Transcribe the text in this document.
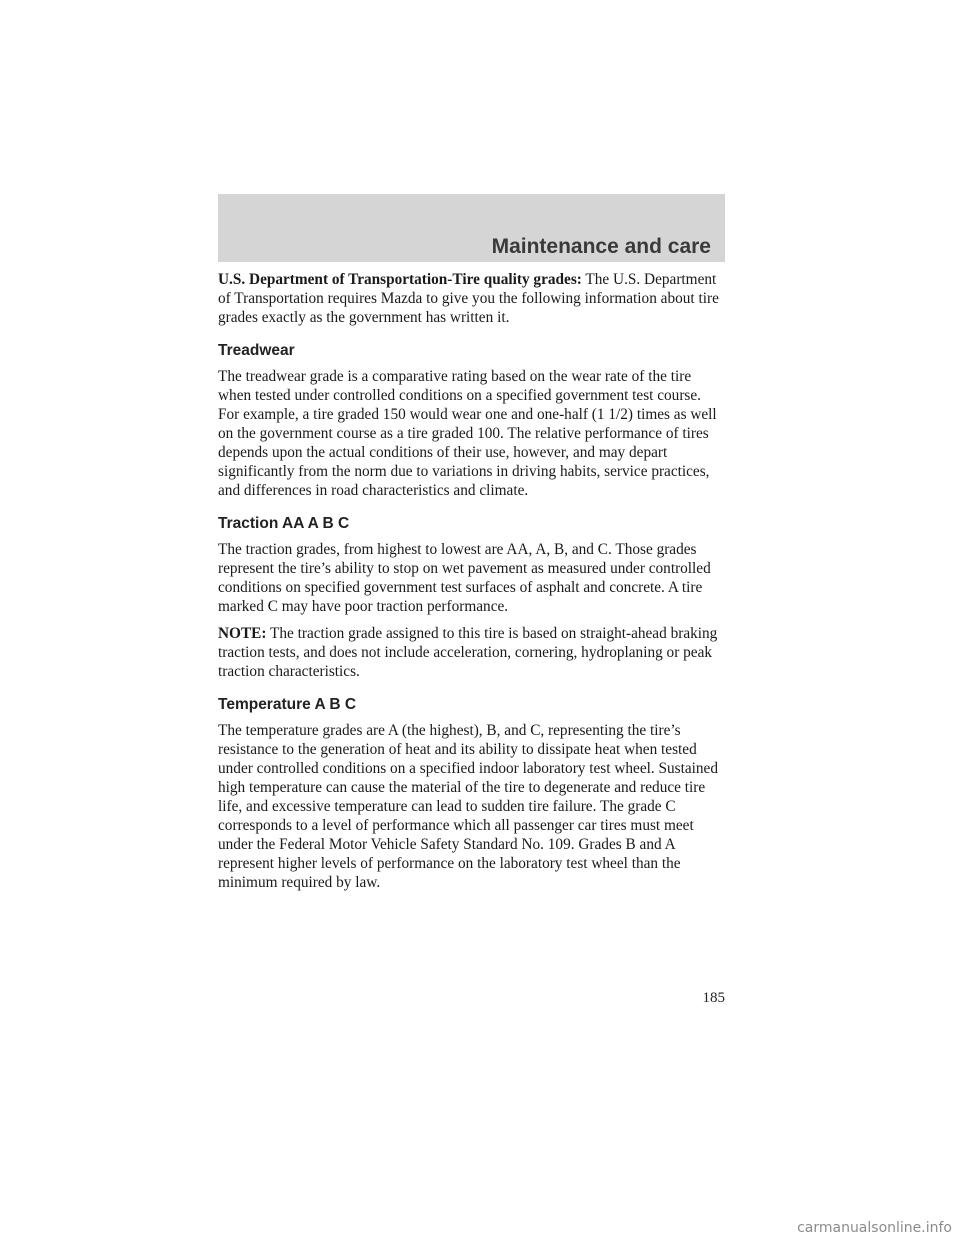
Maintenance and care

U.S. Department of Transportation-Tire quality grades: The U.S. Department of Transportation requires Mazda to give you the following information about tire grades exactly as the government has written it.

Treadwear

The treadwear grade is a comparative rating based on the wear rate of the tire when tested under controlled conditions on a specified government test course. For example, a tire graded 150 would wear one and one-half (1 1/2) times as well on the government course as a tire graded 100. The relative performance of tires depends upon the actual conditions of their use, however, and may depart significantly from the norm due to variations in driving habits, service practices, and differences in road characteristics and climate.

Traction AA A B C

The traction grades, from highest to lowest are AA, A, B, and C. Those grades represent the tire’s ability to stop on wet pavement as measured under controlled conditions on specified government test surfaces of asphalt and concrete. A tire marked C may have poor traction performance.

NOTE: The traction grade assigned to this tire is based on straight-ahead braking traction tests, and does not include acceleration, cornering, hydroplaning or peak traction characteristics.

Temperature A B C

The temperature grades are A (the highest), B, and C, representing the tire’s resistance to the generation of heat and its ability to dissipate heat when tested under controlled conditions on a specified indoor laboratory test wheel. Sustained high temperature can cause the material of the tire to degenerate and reduce tire life, and excessive temperature can lead to sudden tire failure. The grade C corresponds to a level of performance which all passenger car tires must meet under the Federal Motor Vehicle Safety Standard No. 109. Grades B and A represent higher levels of performance on the laboratory test wheel than the minimum required by law.

185
carmanualsonline.info
